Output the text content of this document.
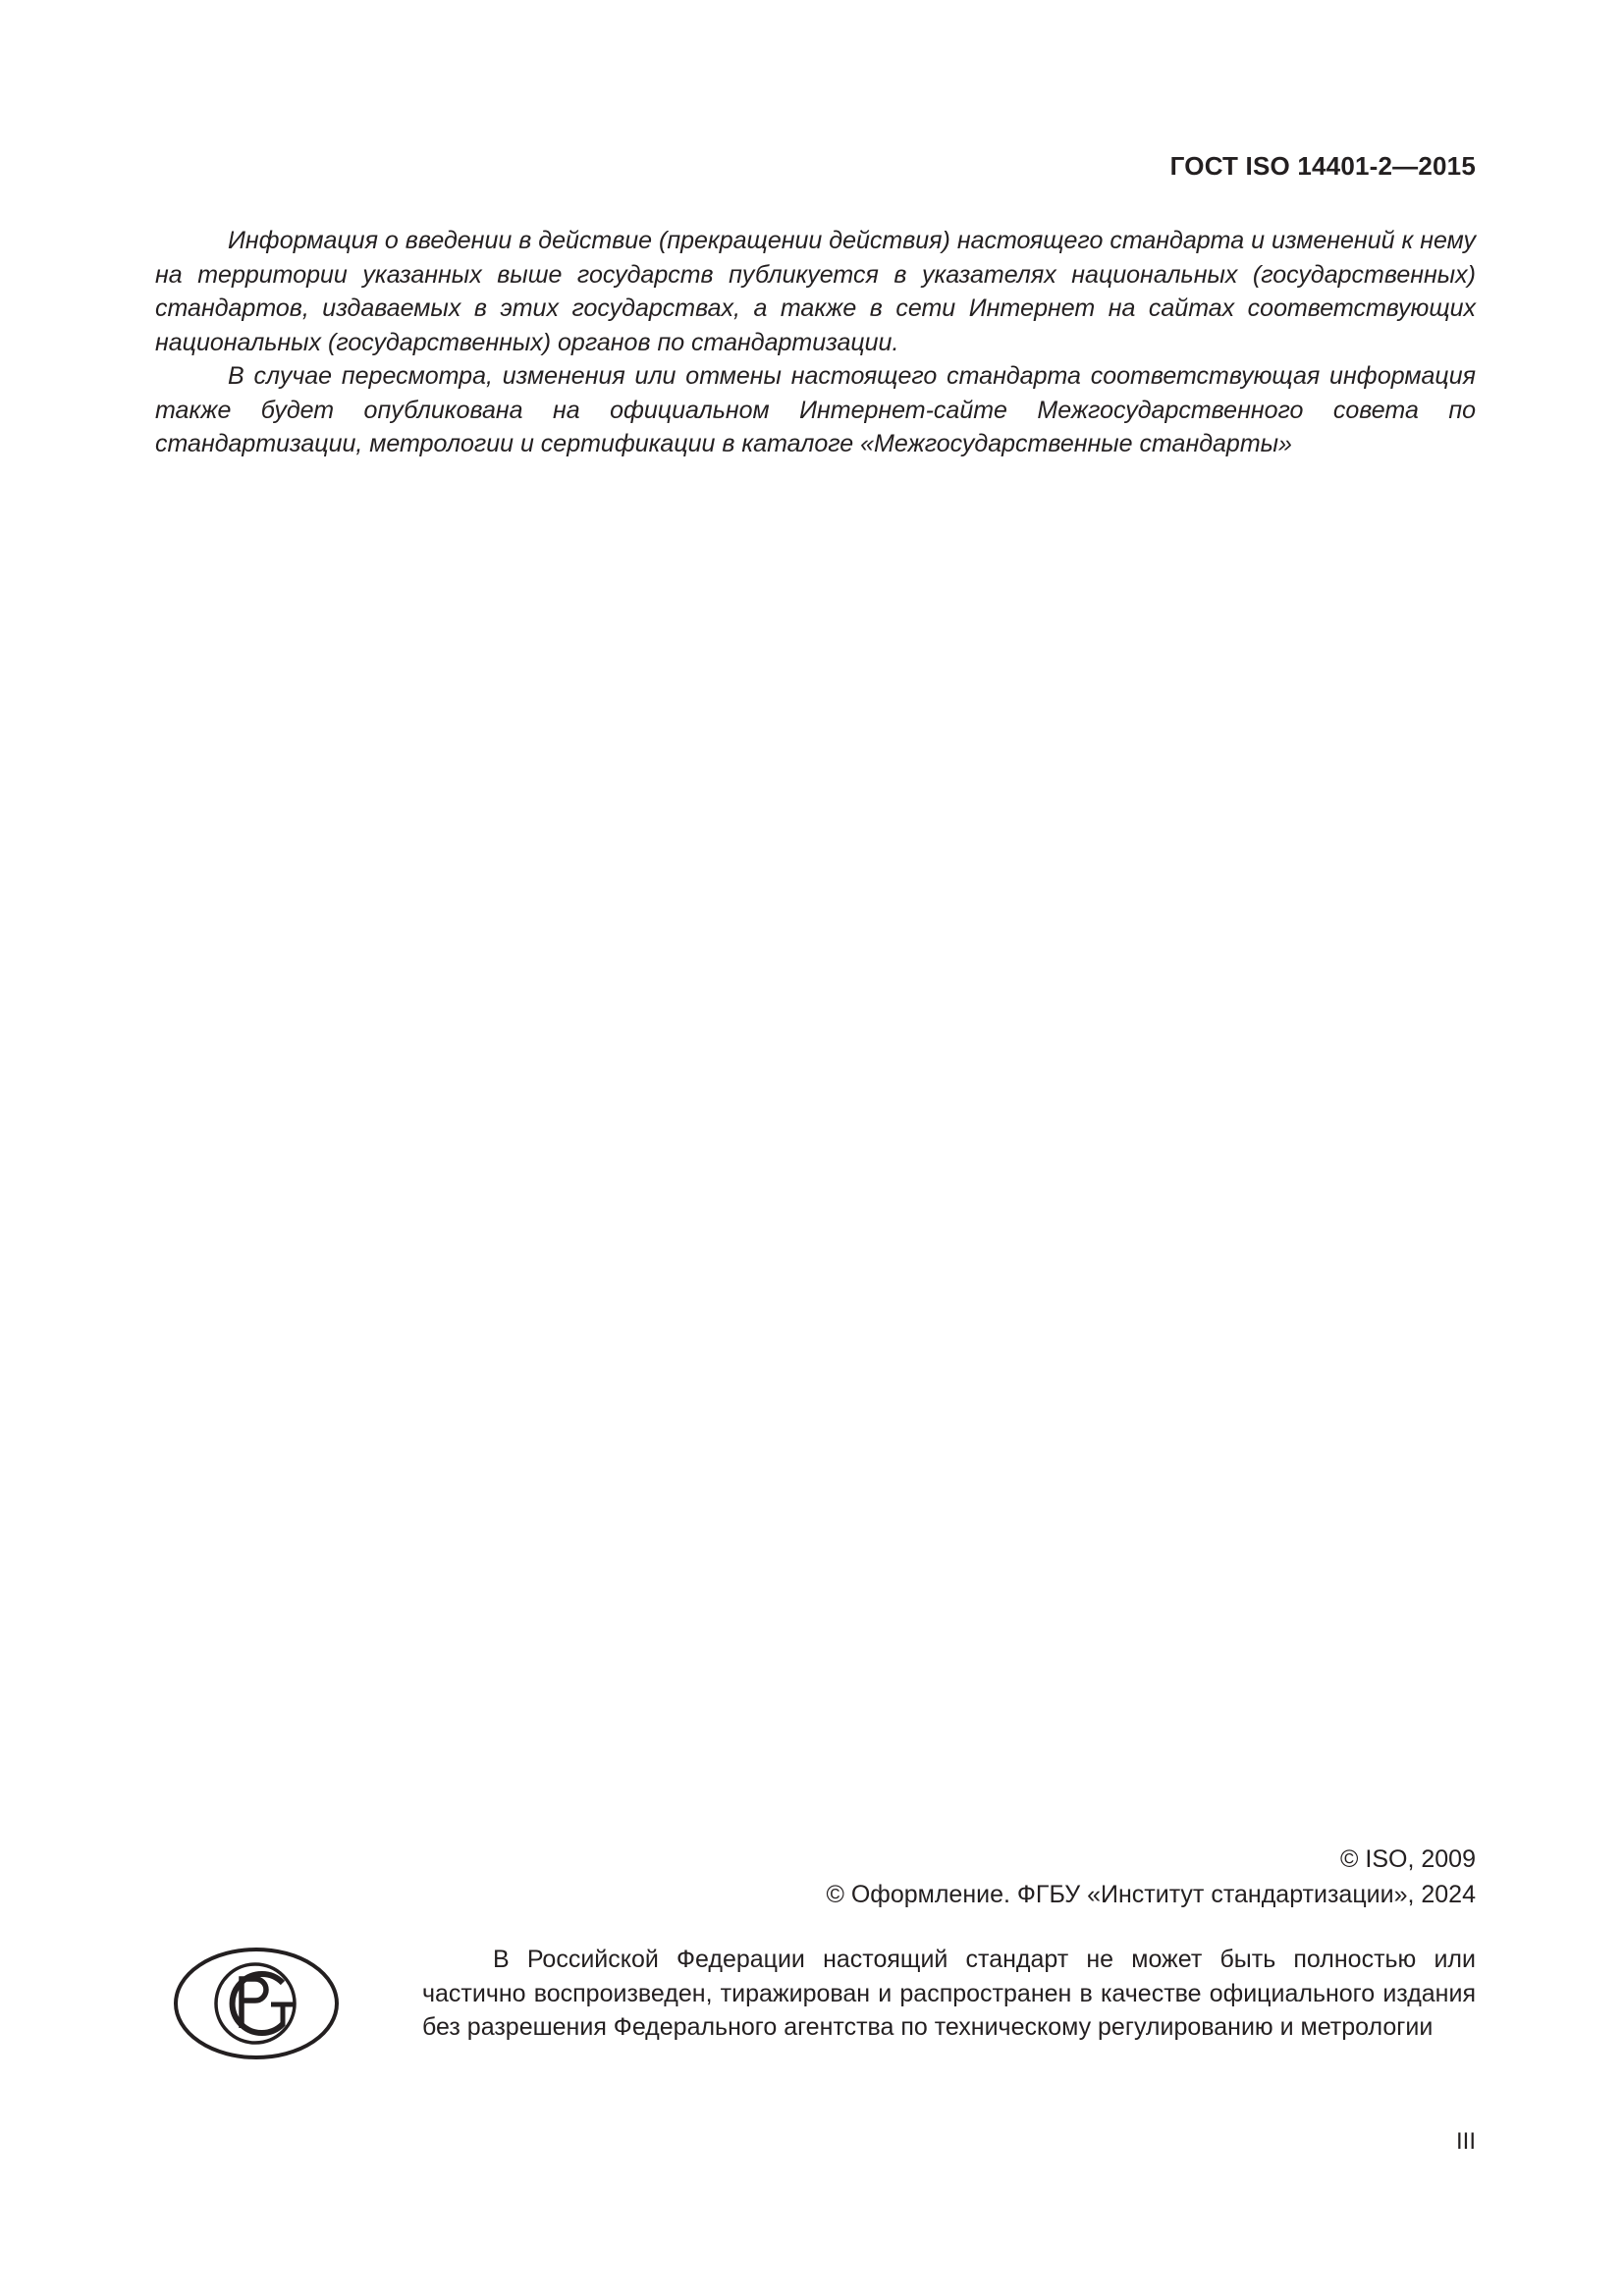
ГОСТ ISO 14401-2—2015

Информация о введении в действие (прекращении действия) настоящего стандарта и изменений к нему на территории указанных выше государств публикуется в указателях национальных (государственных) стандартов, издаваемых в этих государствах, а также в сети Интернет на сайтах соответствующих национальных (государственных) органов по стандартизации.

В случае пересмотра, изменения или отмены настоящего стандарта соответствующая информация также будет опубликована на официальном Интернет-сайте Межгосударственного совета по стандартизации, метрологии и сертификации в каталоге «Межгосударственные стандарты»

© ISO, 2009
© Оформление. ФГБУ «Институт стандартизации», 2024

В Российской Федерации настоящий стандарт не может быть полностью или частично воспроизведен, тиражирован и распространен в качестве официального издания без разрешения Федерального агентства по техническому регулированию и метрологии

III
